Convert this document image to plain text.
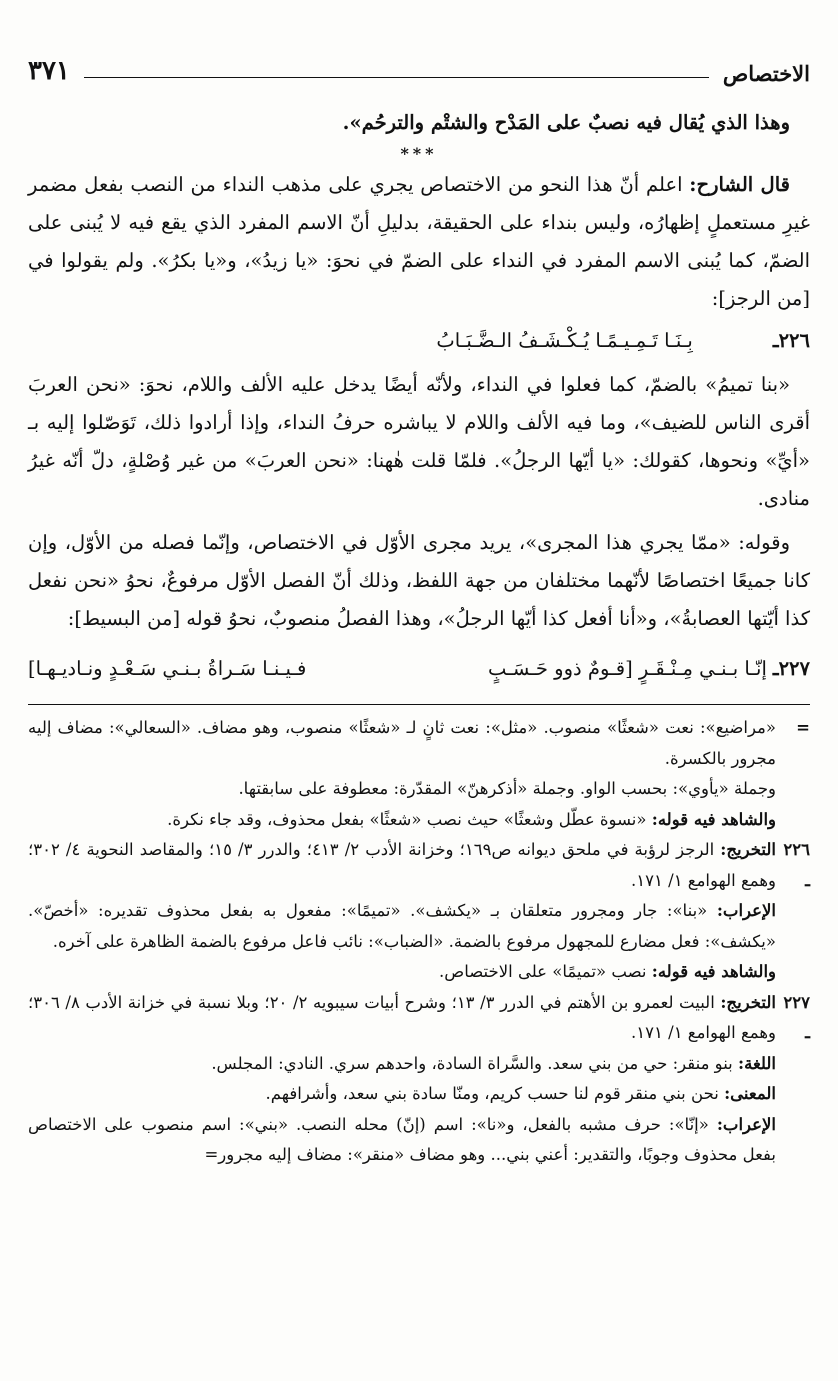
الاختصاص
٣٧١

وهذا الذي يُقال فيه نصبٌ على المَدْح والشتْم والترحُم».

***

قال الشارح: اعلم أنّ هذا النحو من الاختصاص يجري على مذهب النداء من النصب بفعل مضمر غيرِ مستعملٍ إظهارُه، وليس بنداء على الحقيقة، بدليلِ أنّ الاسم المفرد الذي يقع فيه لا يُبنى على الضمّ، كما يُبنى الاسم المفرد في النداء على الضمّ في نحوَ: «يا زيدُ»، و«يا بكرُ». ولم يقولوا في [من الرجز]:

٢٢٦ـ
بِـنَـا تَـمِـيـمًـا يُـكْـشَـفُ الـضَّـبَـابُ

«بنا تميمُ» بالضمّ، كما فعلوا في النداء، ولأنّه أيضًا يدخل عليه الألف واللام، نحوَ: «نحن العربَ أقرى الناس للضيف»، وما فيه الألف واللام لا يباشره حرفُ النداء، وإذا أرادوا ذلك، تَوَصّلوا إليه بـ «أيِّ» ونحوها، كقولك: «يا أيّها الرجلُ». فلمّا قلت هٰهنا: «نحن العربَ» من غير وُصْلةٍ، دلّ أنّه غيرُ منادى.

وقوله: «ممّا يجري هذا المجرى»، يريد مجرى الأوّل في الاختصاص، وإنّما فصله من الأوّل، وإن كانا جميعًا اختصاصًا لأنّهما مختلفان من جهة اللفظ، وذلك أنّ الفصل الأوّل مرفوعٌ، نحوُ «نحن نفعل كذا أيّتها العصابةُ»، و«أنا أفعل كذا أيّها الرجلُ»، وهذا الفصلُ منصوبٌ، نحوُ قوله [من البسيط]:

٢٢٧ـ
إنّـا بـنـي مِـنْـقَـرٍ [قـومٌ ذوو حَـسَـبٍ
فـيـنـا سَـراةُ بـنـي سَـعْـدٍ ونـاديـهـا]
=
«مراضيع»: نعت «شعثًا» منصوب. «مثل»: نعت ثانٍ لـ «شعثًا» منصوب، وهو مضاف. «السعالي»: مضاف إليه مجرور بالكسرة.

وجملة «يأوي»: بحسب الواو. وجملة «أذكرهنّ» المقدّرة: معطوفة على سابقتها.

والشاهد فيه قوله: «نسوة عطّل وشعثًا» حيث نصب «شعثًا» بفعل محذوف، وقد جاء نكرة.

٢٢٦ ـ
التخريج: الرجز لرؤبة في ملحق ديوانه ص١٦٩؛ وخزانة الأدب ٢/ ٤١٣؛ والدرر ٣/ ١٥؛ والمقاصد النحوية ٤/ ٣٠٢؛ وهمع الهوامع ١/ ١٧١.

الإعراب: «بنا»: جار ومجرور متعلقان بـ «يكشف». «تميمًا»: مفعول به بفعل محذوف تقديره: «أخصّ». «يكشف»: فعل مضارع للمجهول مرفوع بالضمة. «الضباب»: نائب فاعل مرفوع بالضمة الظاهرة على آخره.

والشاهد فيه قوله: نصب «تميمًا» على الاختصاص.

٢٢٧ ـ
التخريج: البيت لعمرو بن الأهتم في الدرر ٣/ ١٣؛ وشرح أبيات سيبويه ٢/ ٢٠؛ وبلا نسبة في خزانة الأدب ٨/ ٣٠٦؛ وهمع الهوامع ١/ ١٧١.

اللغة: بنو منقر: حي من بني سعد. والسَّراة السادة، واحدهم سري. النادي: المجلس.

المعنى: نحن بني منقر قوم لنا حسب كريم، ومنّا سادة بني سعد، وأشرافهم.

الإعراب: «إنّا»: حرف مشبه بالفعل، و«نا»: اسم (إنّ) محله النصب. «بني»: اسم منصوب على الاختصاص بفعل محذوف وجوبًا، والتقدير: أعني بني... وهو مضاف «منقر»: مضاف إليه مجرور=
